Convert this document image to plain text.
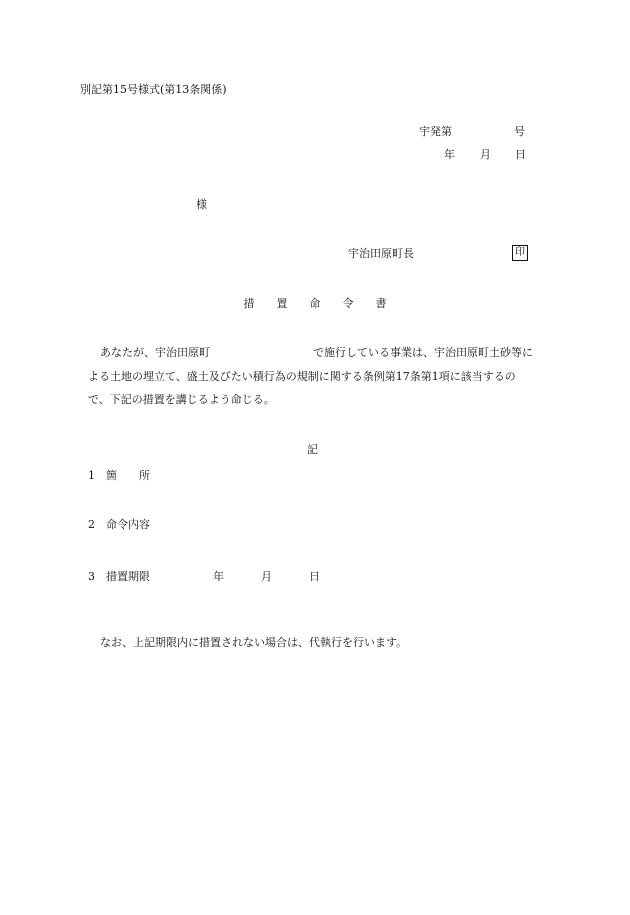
別記第15号様式(第13条関係)
宇発第	号
年 月 日
様
宇治田原町長	印
措 置 命 令 書
あなたが、宇治田原町	で施行している事業は、宇治田原町土砂等に
よる土地の埋立て、盛土及びたい積行為の規制に関する条例第17条第1項に該当するの
で、下記の措置を講じるよう命じる。
記
1 箇 所
2 命令内容
3 措置期限	年	月	日
なお、上記期限内に措置されない場合は、代執行を行います。
